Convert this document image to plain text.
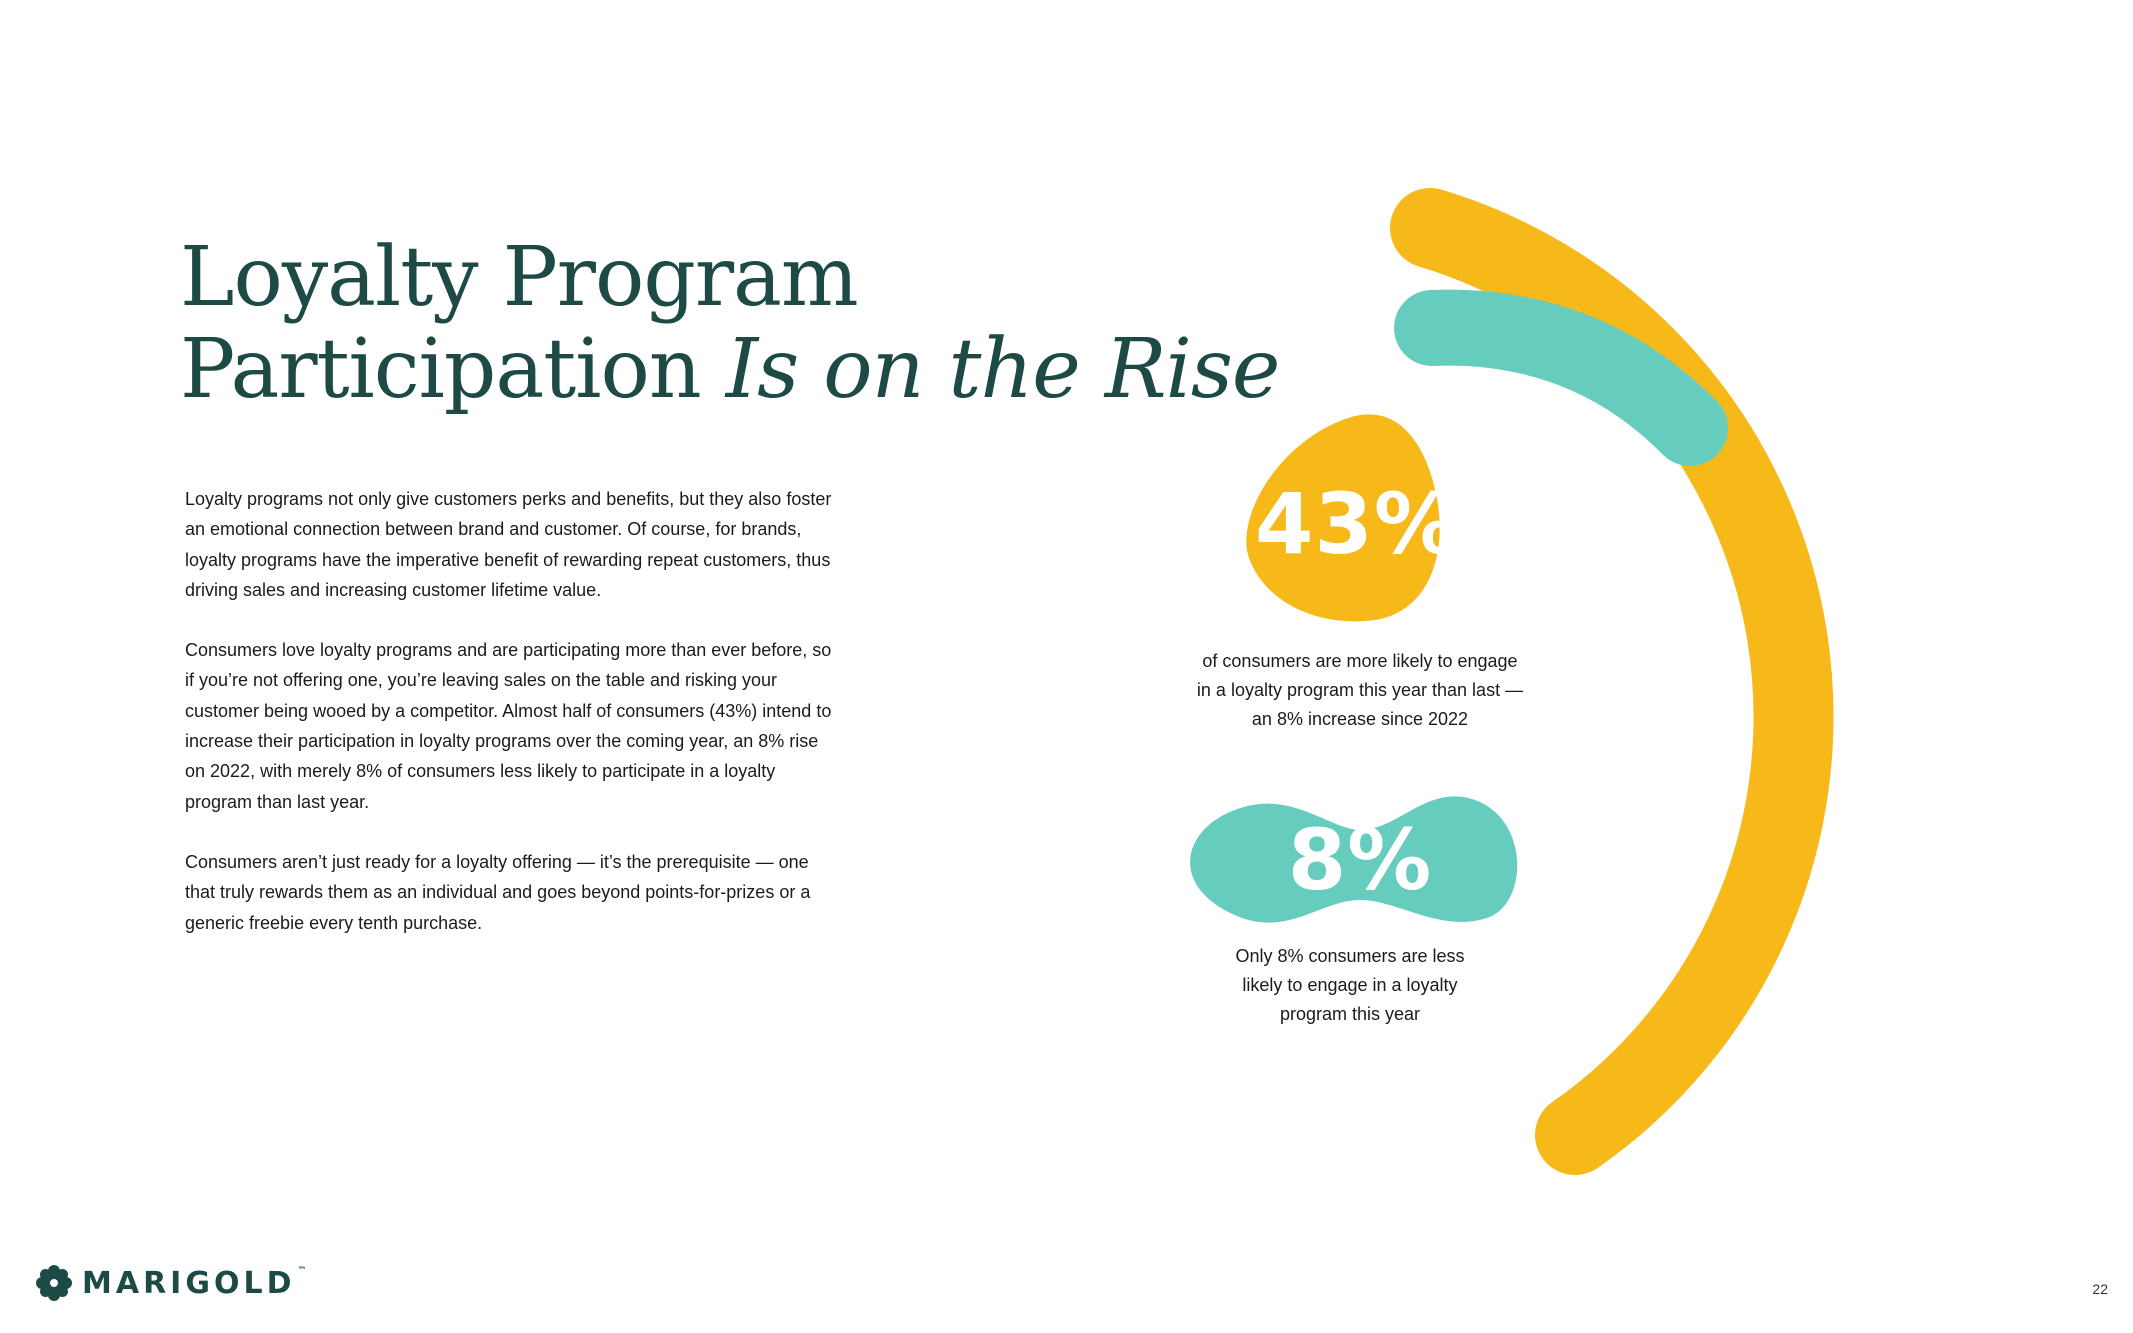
Loyalty Program
Participation Is on the Rise

Loyalty programs not only give customers perks and benefits, but they also foster an emotional connection between brand and customer. Of course, for brands, loyalty programs have the imperative benefit of rewarding repeat customers, thus driving sales and increasing customer lifetime value.

Consumers love loyalty programs and are participating more than ever before, so if you’re not offering one, you’re leaving sales on the table and risking your customer being wooed by a competitor. Almost half of consumers (43%) intend to increase their participation in loyalty programs over the coming year, an 8% rise on 2022, with merely 8% of consumers less likely to participate in a loyalty program than last year.

Consumers aren’t just ready for a loyalty offering — it’s the prerequisite — one that truly rewards them as an individual and goes beyond points-for-prizes or a generic freebie every tenth purchase.

43%
of consumers are more likely to engage
in a loyalty program this year than last —
an 8% increase since 2022
8%
Only 8% consumers are less
likely to engage in a loyalty
program this year
MARIGOLD ™
22
